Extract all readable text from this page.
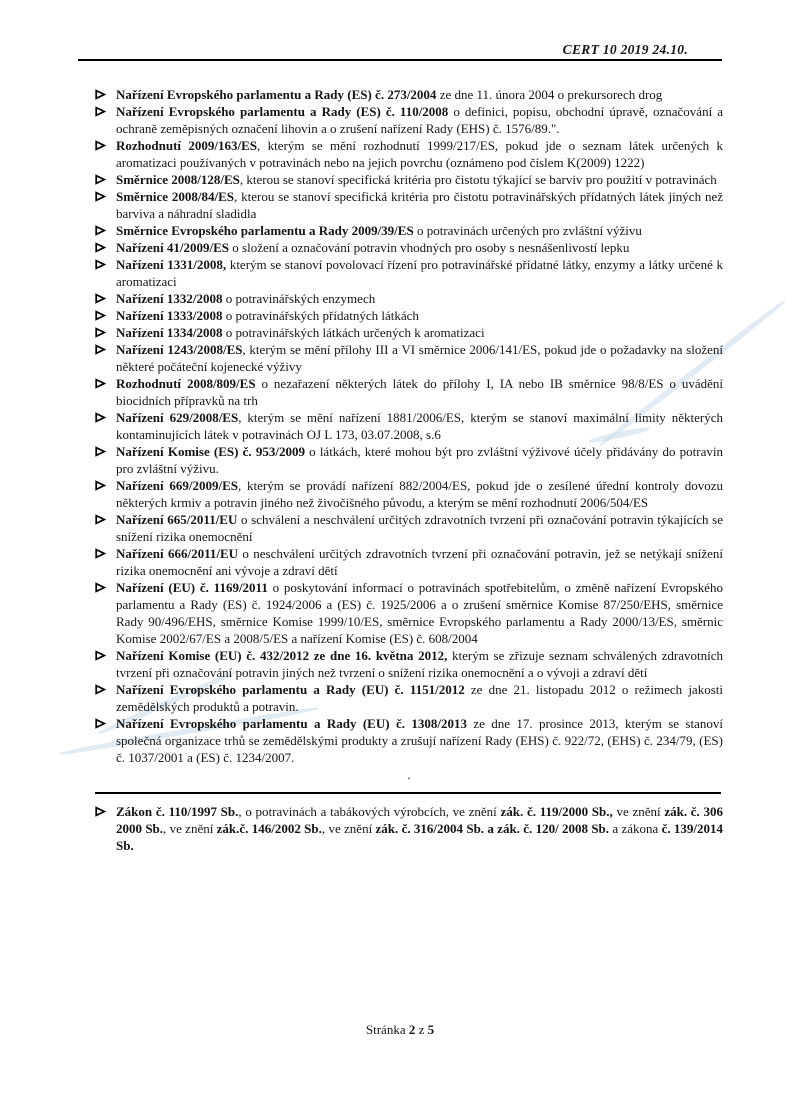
CERT 10 2019 24.10.
Nařízení Evropského parlamentu a Rady (ES) č. 273/2004 ze dne 11. února 2004 o prekursorech drog
Nařízení Evropského parlamentu a Rady (ES) č. 110/2008 o definici, popisu, obchodní úpravě, označování a ochraně zeměpisných označení lihovin a o zrušení nařízení Rady (EHS) č. 1576/89.".
Rozhodnutí 2009/163/ES, kterým se mění rozhodnutí 1999/217/ES, pokud jde o seznam látek určených k aromatizaci používaných v potravinách nebo na jejich povrchu (oznámeno pod číslem K(2009) 1222)
Směrnice 2008/128/ES, kterou se stanoví specifická kritéria pro čistotu týkající se barviv pro použití v potravinách
Směrnice 2008/84/ES, kterou se stanoví specifická kritéria pro čistotu potravinářských přídatných látek jiných než barviva a náhradní sladidla
Směrnice Evropského parlamentu a Rady 2009/39/ES o potravinách určených pro zvláštní výživu
Nařízení 41/2009/ES o složení a označování potravin vhodných pro osoby s nesnášenlivostí lepku
Nařízení 1331/2008, kterým se stanoví povolovací řízení pro potravinářské přídatné látky, enzymy a látky určené k aromatizaci
Nařízení 1332/2008 o potravinářských enzymech
Nařízení 1333/2008 o potravinářských přídatných látkách
Nařízení 1334/2008 o potravinářských látkách určených k aromatizaci
Nařízení 1243/2008/ES, kterým se mění přílohy III a VI směrnice 2006/141/ES, pokud jde o požadavky na složení některé počáteční kojenecké výživy
Rozhodnutí 2008/809/ES o nezařazení některých látek do přílohy I, IA nebo IB směrnice 98/8/ES o uvádění biocidních přípravků na trh
Nařízení 629/2008/ES, kterým se mění nařízení 1881/2006/ES, kterým se stanoví maximální limity některých kontaminujících látek v potravinách OJ L 173, 03.07.2008, s.6
Nařízení Komise (ES) č. 953/2009 o látkách, které mohou být pro zvláštní výživové účely přidávány do potravin pro zvláštní výživu.
Nařízení 669/2009/ES, kterým se provádí nařízení 882/2004/ES, pokud jde o zesílené úřední kontroly dovozu některých krmiv a potravin jiného než živočišného původu, a kterým se mění rozhodnutí 2006/504/ES
Nařízení 665/2011/EU o schválení a neschválení určitých zdravotních tvrzení při označování potravin týkajících se snížení rizika onemocnění
Nařízení 666/2011/EU o neschválení určitých zdravotních tvrzení při označování potravin, jež se netýkají snížení rizika onemocnění ani vývoje a zdraví dětí
Nařízení (EU) č. 1169/2011 o poskytování informací o potravinách spotřebitelům, o změně nařízení Evropského parlamentu a Rady (ES) č. 1924/2006 a (ES) č. 1925/2006 a o zrušení směrnice Komise 87/250/EHS, směrnice Rady 90/496/EHS, směrnice Komise 1999/10/ES, směrnice Evropského parlamentu a Rady 2000/13/ES, směrnic Komise 2002/67/ES a 2008/5/ES a nařízení Komise (ES) č. 608/2004
Nařízení Komise (EU) č. 432/2012 ze dne 16. května 2012, kterým se zřizuje seznam schválených zdravotních tvrzení při označování potravin jiných než tvrzení o snížení rizika onemocnění a o vývoji a zdraví dětí
Nařízení Evropského parlamentu a Rady (EU) č. 1151/2012 ze dne 21. listopadu 2012 o režimech jakosti zemědělských produktů a potravin.
Nařízení Evropského parlamentu a Rady (EU) č. 1308/2013 ze dne 17. prosince 2013, kterým se stanoví společná organizace trhů se zemědělskými produkty a zrušují nařízení Rady (EHS) č. 922/72, (EHS) č. 234/79, (ES) č. 1037/2001 a (ES) č. 1234/2007.
.
Zákon č. 110/1997 Sb., o potravinách a tabákových výrobcích, ve znění zák. č. 119/2000 Sb., ve znění zák. č. 306 2000 Sb., ve znění zák.č. 146/2002 Sb., ve znění zák. č. 316/2004 Sb. a zák. č. 120/ 2008 Sb. a zákona č. 139/2014 Sb.
Stránka 2 z 5
